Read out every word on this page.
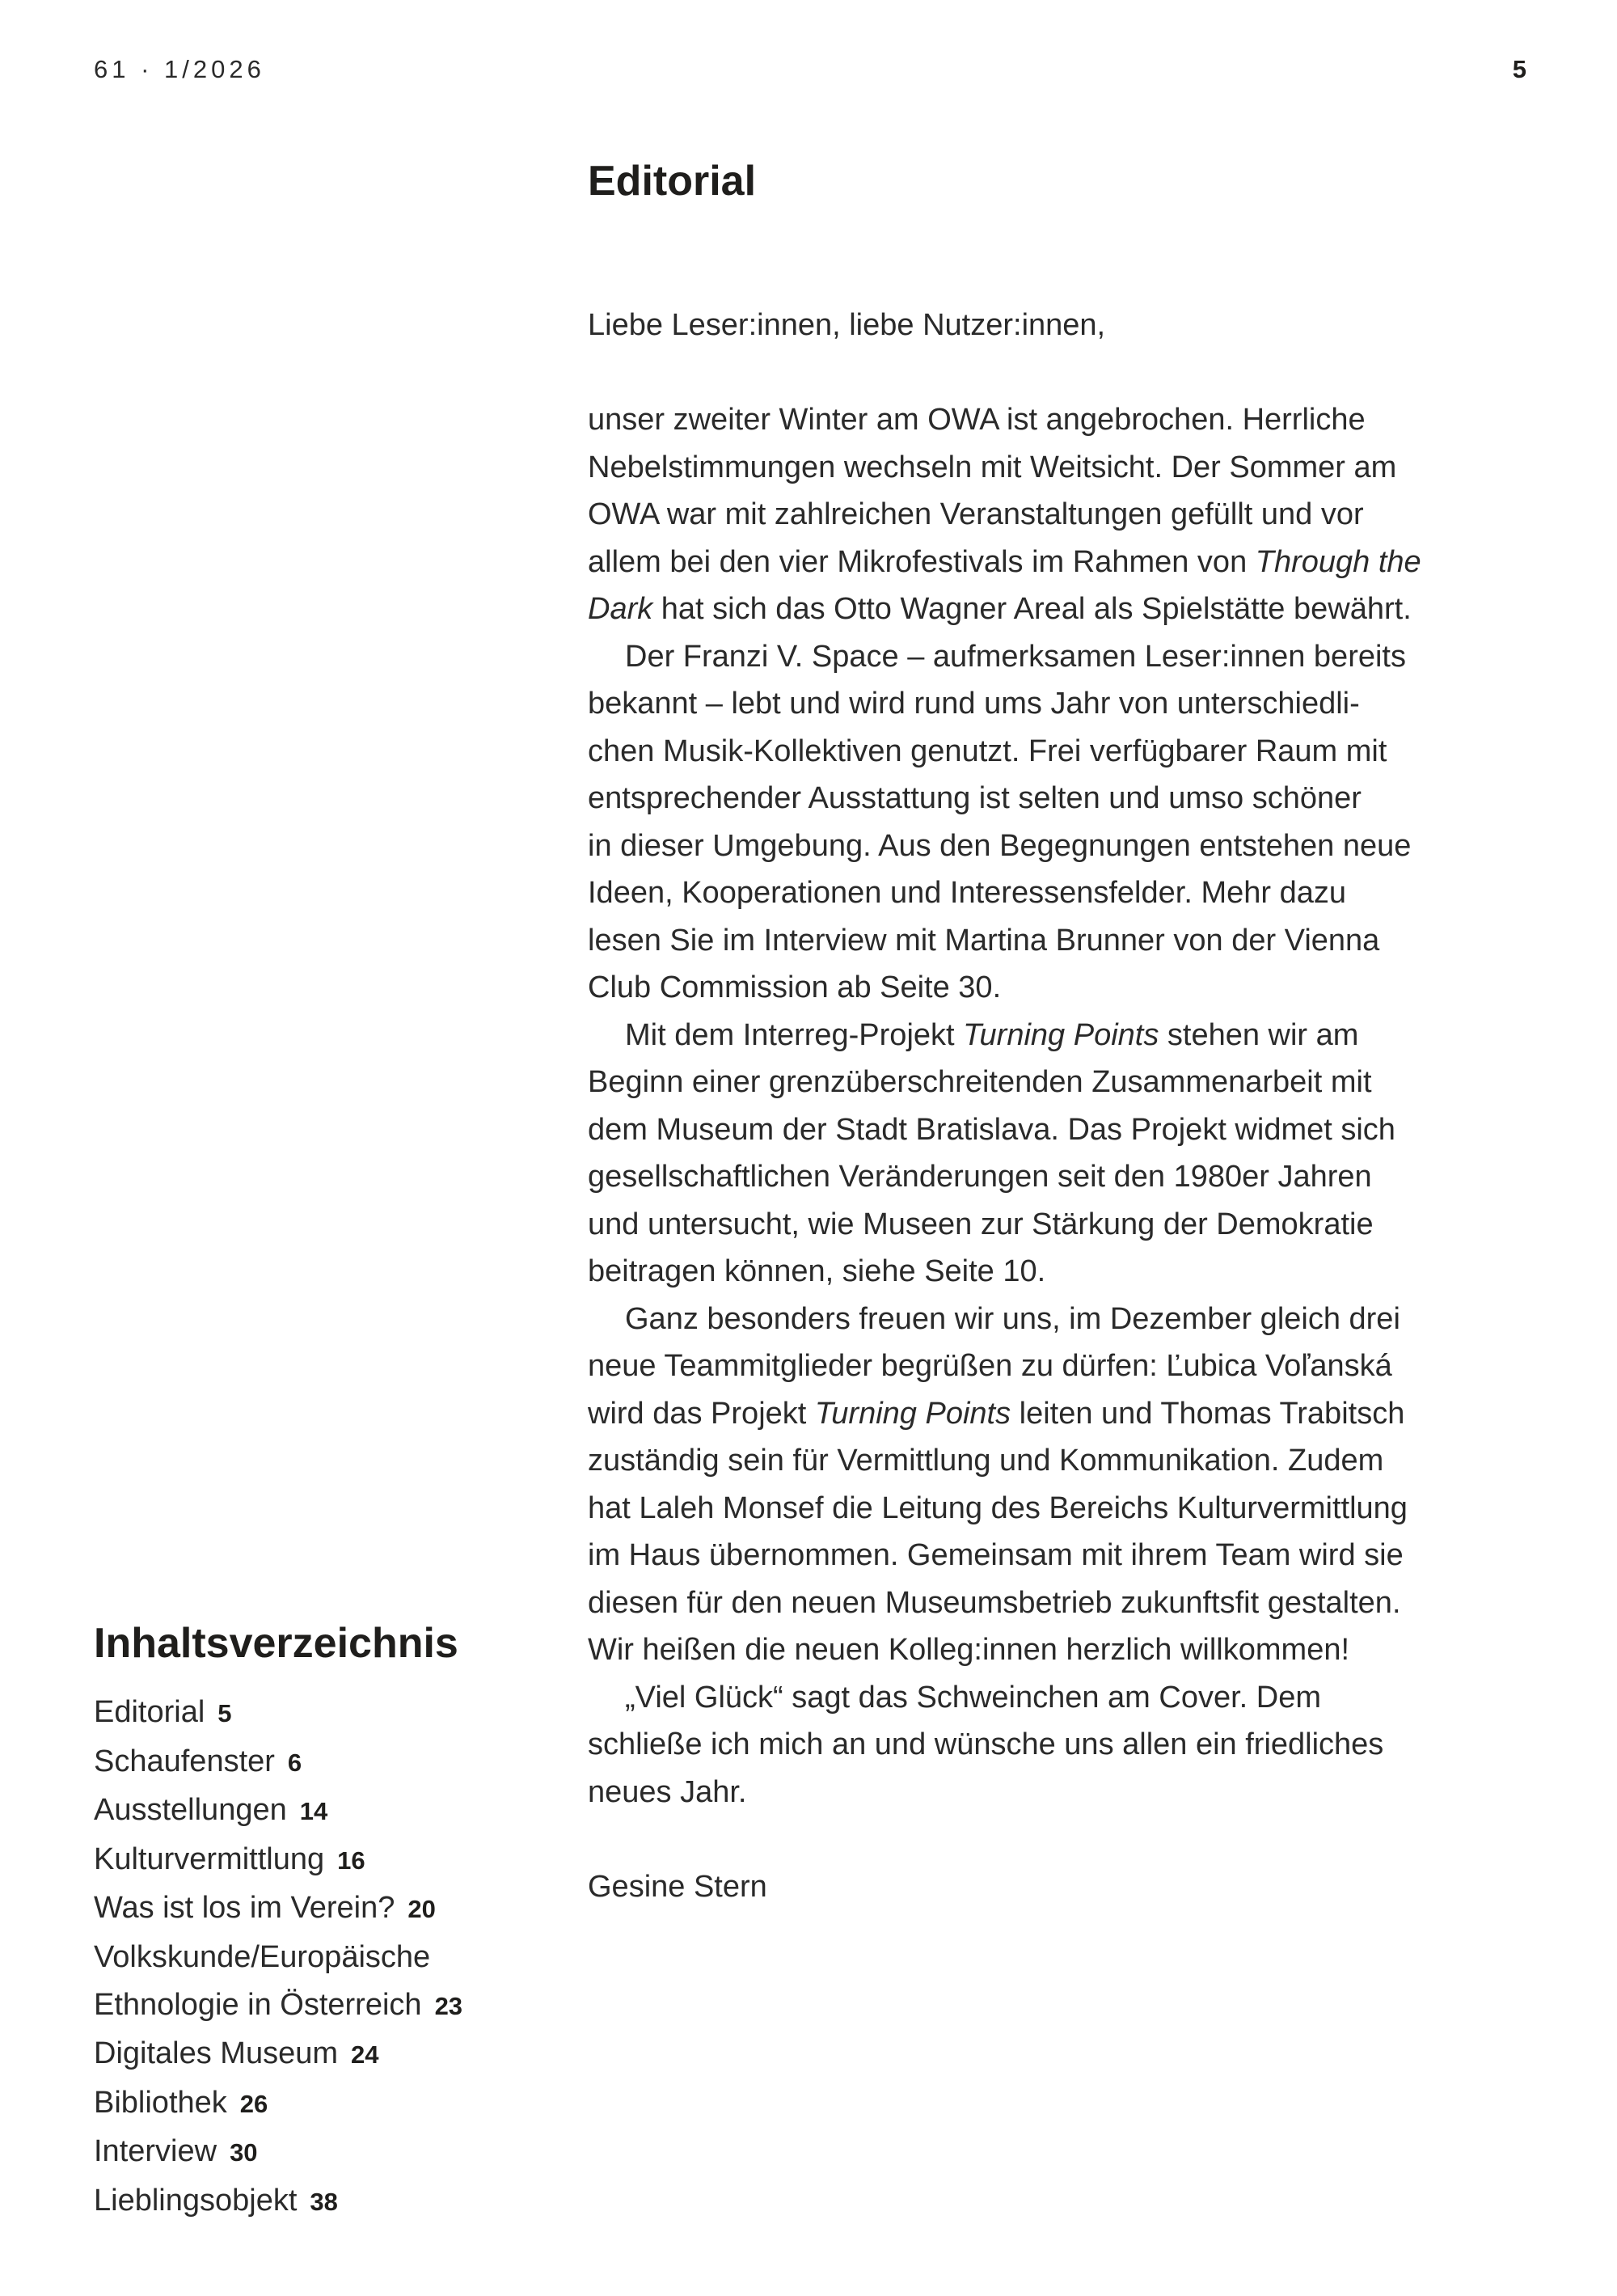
61 · 1/2026	5
Editorial
Liebe Leser:innen, liebe Nutzer:innen,

unser zweiter Winter am OWA ist angebrochen. Herrliche
Nebelstimmungen wechseln mit Weitsicht. Der Sommer am
OWA war mit zahlreichen Veranstaltungen gefüllt und vor
allem bei den vier Mikrofestivals im Rahmen von Through the
Dark hat sich das Otto Wagner Areal als Spielstätte bewährt.
Der Franzi V. Space – aufmerksamen Leser:innen bereits
bekannt – lebt und wird rund ums Jahr von unterschiedli-
chen Musik-Kollektiven genutzt. Frei verfügbarer Raum mit
entsprechender Ausstattung ist selten und umso schöner
in dieser Umgebung. Aus den Begegnungen entstehen neue
Ideen, Kooperationen und Interessensfelder. Mehr dazu
lesen Sie im Interview mit Martina Brunner von der Vienna
Club Commission ab Seite 30.
Mit dem Interreg-Projekt Turning Points stehen wir am
Beginn einer grenzüberschreitenden Zusammenarbeit mit
dem Museum der Stadt Bratislava. Das Projekt widmet sich
gesellschaftlichen Veränderungen seit den 1980er Jahren
und untersucht, wie Museen zur Stärkung der Demokratie
beitragen können, siehe Seite 10.
Ganz besonders freuen wir uns, im Dezember gleich drei
neue Teammitglieder begrüßen zu dürfen: Ľubica Voľanská
wird das Projekt Turning Points leiten und Thomas Trabitsch
zuständig sein für Vermittlung und Kommunikation. Zudem
hat Laleh Monsef die Leitung des Bereichs Kulturvermittlung
im Haus übernommen. Gemeinsam mit ihrem Team wird sie
diesen für den neuen Museumsbetrieb zukunftsfit gestalten.
Wir heißen die neuen Kolleg:innen herzlich willkommen!
„Viel Glück“ sagt das Schweinchen am Cover. Dem
schließe ich mich an und wünsche uns allen ein friedliches
neues Jahr.

Gesine Stern
Inhaltsverzeichnis
Editorial 5
Schaufenster 6
Ausstellungen 14
Kulturvermittlung 16
Was ist los im Verein? 20
Volkskunde/Europäische
Ethnologie in Österreich 23
Digitales Museum 24
Bibliothek 26
Interview 30
Lieblingsobjekt 38
